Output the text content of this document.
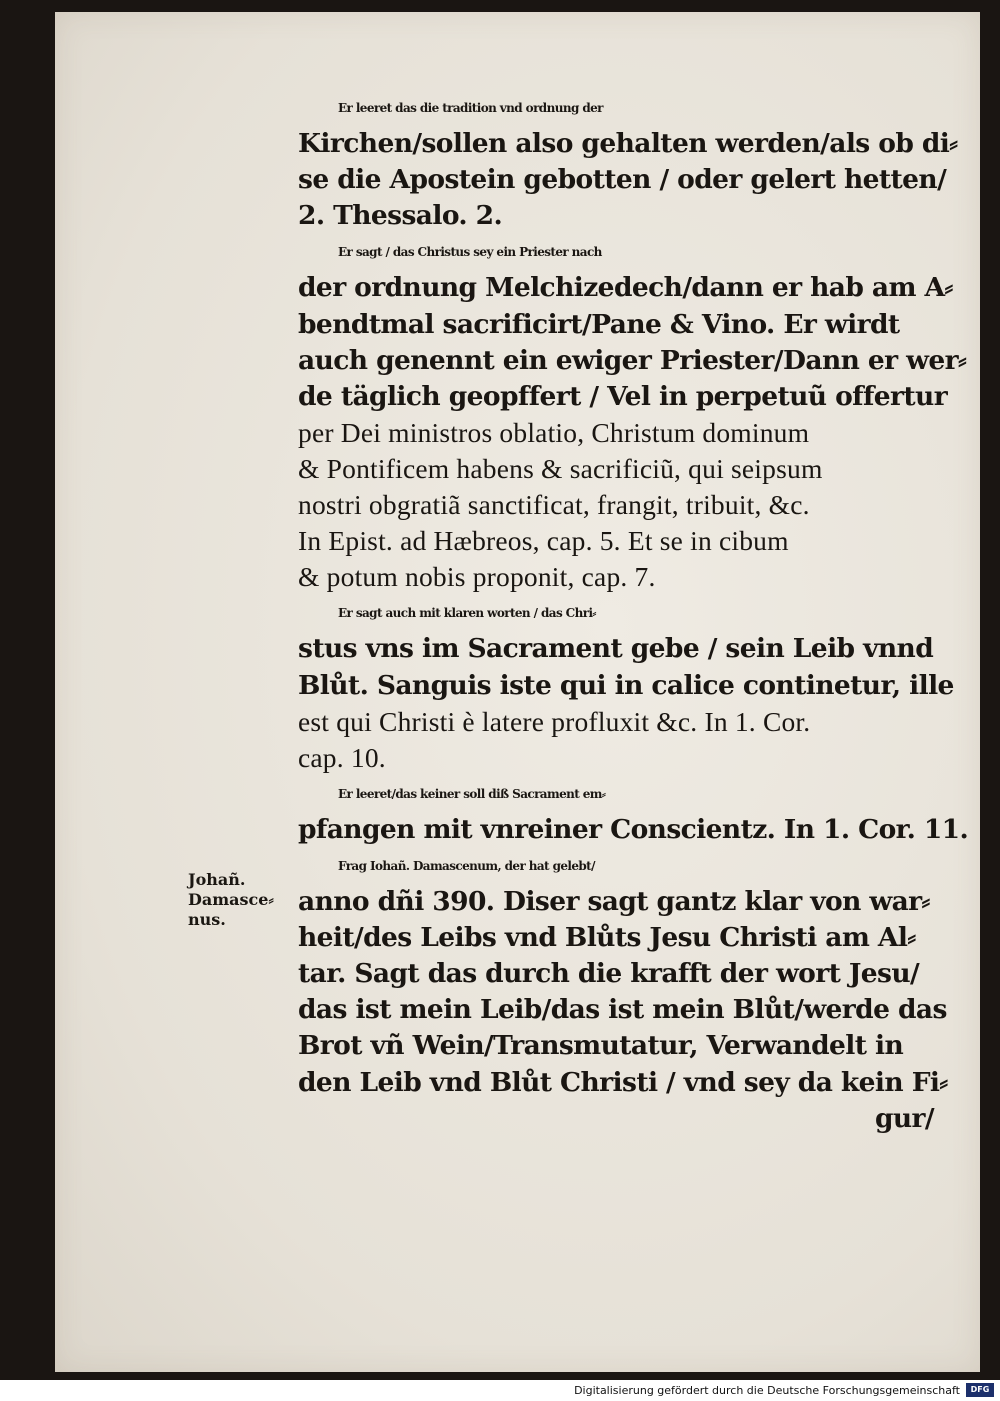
Johañ.
Damasce⸗
nus.
Er leeret das die tradition vnd ordnung der
Kirchen/sollen also gehalten werden/als ob di⸗
se die Apostein gebotten / oder gelert hetten/
2. Thessalo. 2.
Er sagt / das Christus sey ein Priester nach
der ordnung Melchizedech/dann er hab am A⸗
bendtmal sacrificirt/Pane & Vino. Er wirdt
auch genennt ein ewiger Priester/Dann er wer⸗
de täglich geopffert / Vel in perpetuũ offertur
per Dei ministros oblatio, Christum dominum
& Pontificem habens & sacrificiũ, qui seipsum
nostri obgratiã sanctificat, frangit, tribuit, &c.
In Epist. ad Hæbreos, cap. 5. Et se in cibum
& potum nobis proponit, cap. 7.
Er sagt auch mit klaren worten / das Chri⸗
stus vns im Sacrament gebe / sein Leib vnnd
Blůt. Sanguis iste qui in calice continetur, ille
est qui Christi è latere profluxit &c. In 1. Cor.
cap. 10.
Er leeret/das keiner soll diß Sacrament em⸗
pfangen mit vnreiner Conscientz. In 1. Cor. 11.
Frag Iohañ. Damascenum, der hat gelebt/
anno dñi 390. Diser sagt gantz klar von war⸗
heit/des Leibs vnd Blůts Jesu Christi am Al⸗
tar. Sagt das durch die krafft der wort Jesu/
das ist mein Leib/das ist mein Blůt/werde das
Brot vñ Wein/Transmutatur, Verwandelt in
den Leib vnd Blůt Christi / vnd sey da kein Fi⸗
gur/
Digitalisierung gefördert durch die Deutsche Forschungsgemeinschaft	DFG
